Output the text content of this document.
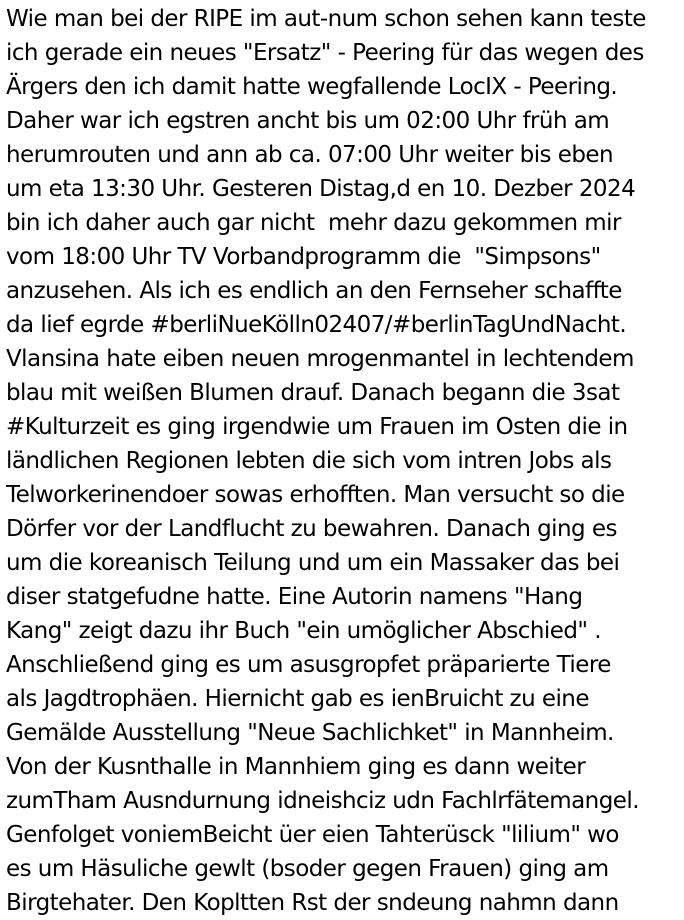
Wie man bei der RIPE im aut-num schon sehen kann teste
ich gerade ein neues "Ersatz" - Peering für das wegen des
Ärgers den ich damit hatte wegfallende LocIX - Peering.
Daher war ich egstren ancht bis um 02:00 Uhr früh am
herumrouten und ann ab ca. 07:00 Uhr weiter bis eben
um eta 13:30 Uhr. Gesteren Distag,d en 10. Dezber 2024
bin ich daher auch gar nicht  mehr dazu gekommen mir
vom 18:00 Uhr TV Vorbandprogramm die  "Simpsons"
anzusehen. Als ich es endlich an den Fernseher schaffte
da lief egrde #berliNueKölln02407/#berlinTagUndNacht.
Vlansina hate eiben neuen mrogenmantel in lechtendem
blau mit weißen Blumen drauf. Danach begann die 3sat
#Kulturzeit es ging irgendwie um Frauen im Osten die in
ländlichen Regionen lebten die sich vom intren Jobs als
Telworkerinendoer sowas erhofften. Man versucht so die
Dörfer vor der Landflucht zu bewahren. Danach ging es
um die koreanisch Teilung und um ein Massaker das bei
diser statgefudne hatte. Eine Autorin namens "Hang
Kang" zeigt dazu ihr Buch "ein umöglicher Abschied" .
Anschließend ging es um asusgropfet präparierte Tiere
als Jagdtrophäen. Hiernicht gab es ienBruicht zu eine
Gemälde Ausstellung "Neue Sachlichket" in Mannheim.
Von der Kusnthalle in Mannhiem ging es dann weiter
zumTham Ausndurnung idneishciz udn Fachlrfätemangel.
Genfolget voniemBeicht üer eien Tahterüsck "lilium" wo
es um Häsuliche gewlt (bsoder gegen Frauen) ging am
Birgtehater. Den Kopltten Rst der sndeung nahmn dann
